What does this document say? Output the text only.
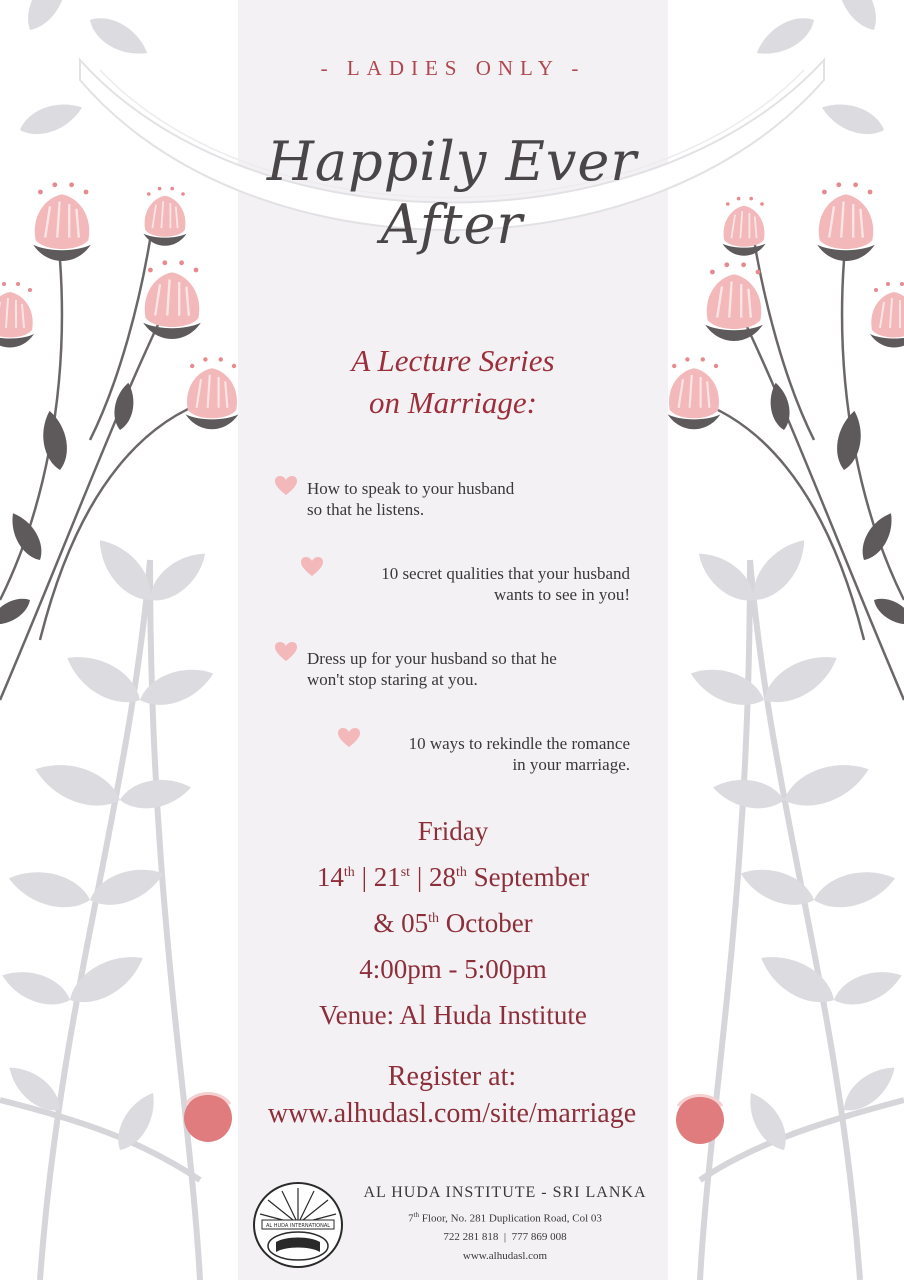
- LADIES ONLY -
Happily Ever After
A Lecture Series
on Marriage:
How to speak to your husband
so that he listens.
10 secret qualities that your husband
wants to see in you!
Dress up for your husband so that he
won't stop staring at you.
10 ways to rekindle the romance
in your marriage.
Friday
14th | 21st | 28th September
& 05th October
4:00pm - 5:00pm
Venue: Al Huda Institute
Register at:
www.alhudasl.com/site/marriage
AL HUDA INTERNATIONAL
AL HUDA INSTITUTE - SRI LANKA
7th Floor, No. 281 Duplication Road, Col 03
722 281 818  |  777 869 008
www.alhudasl.com
